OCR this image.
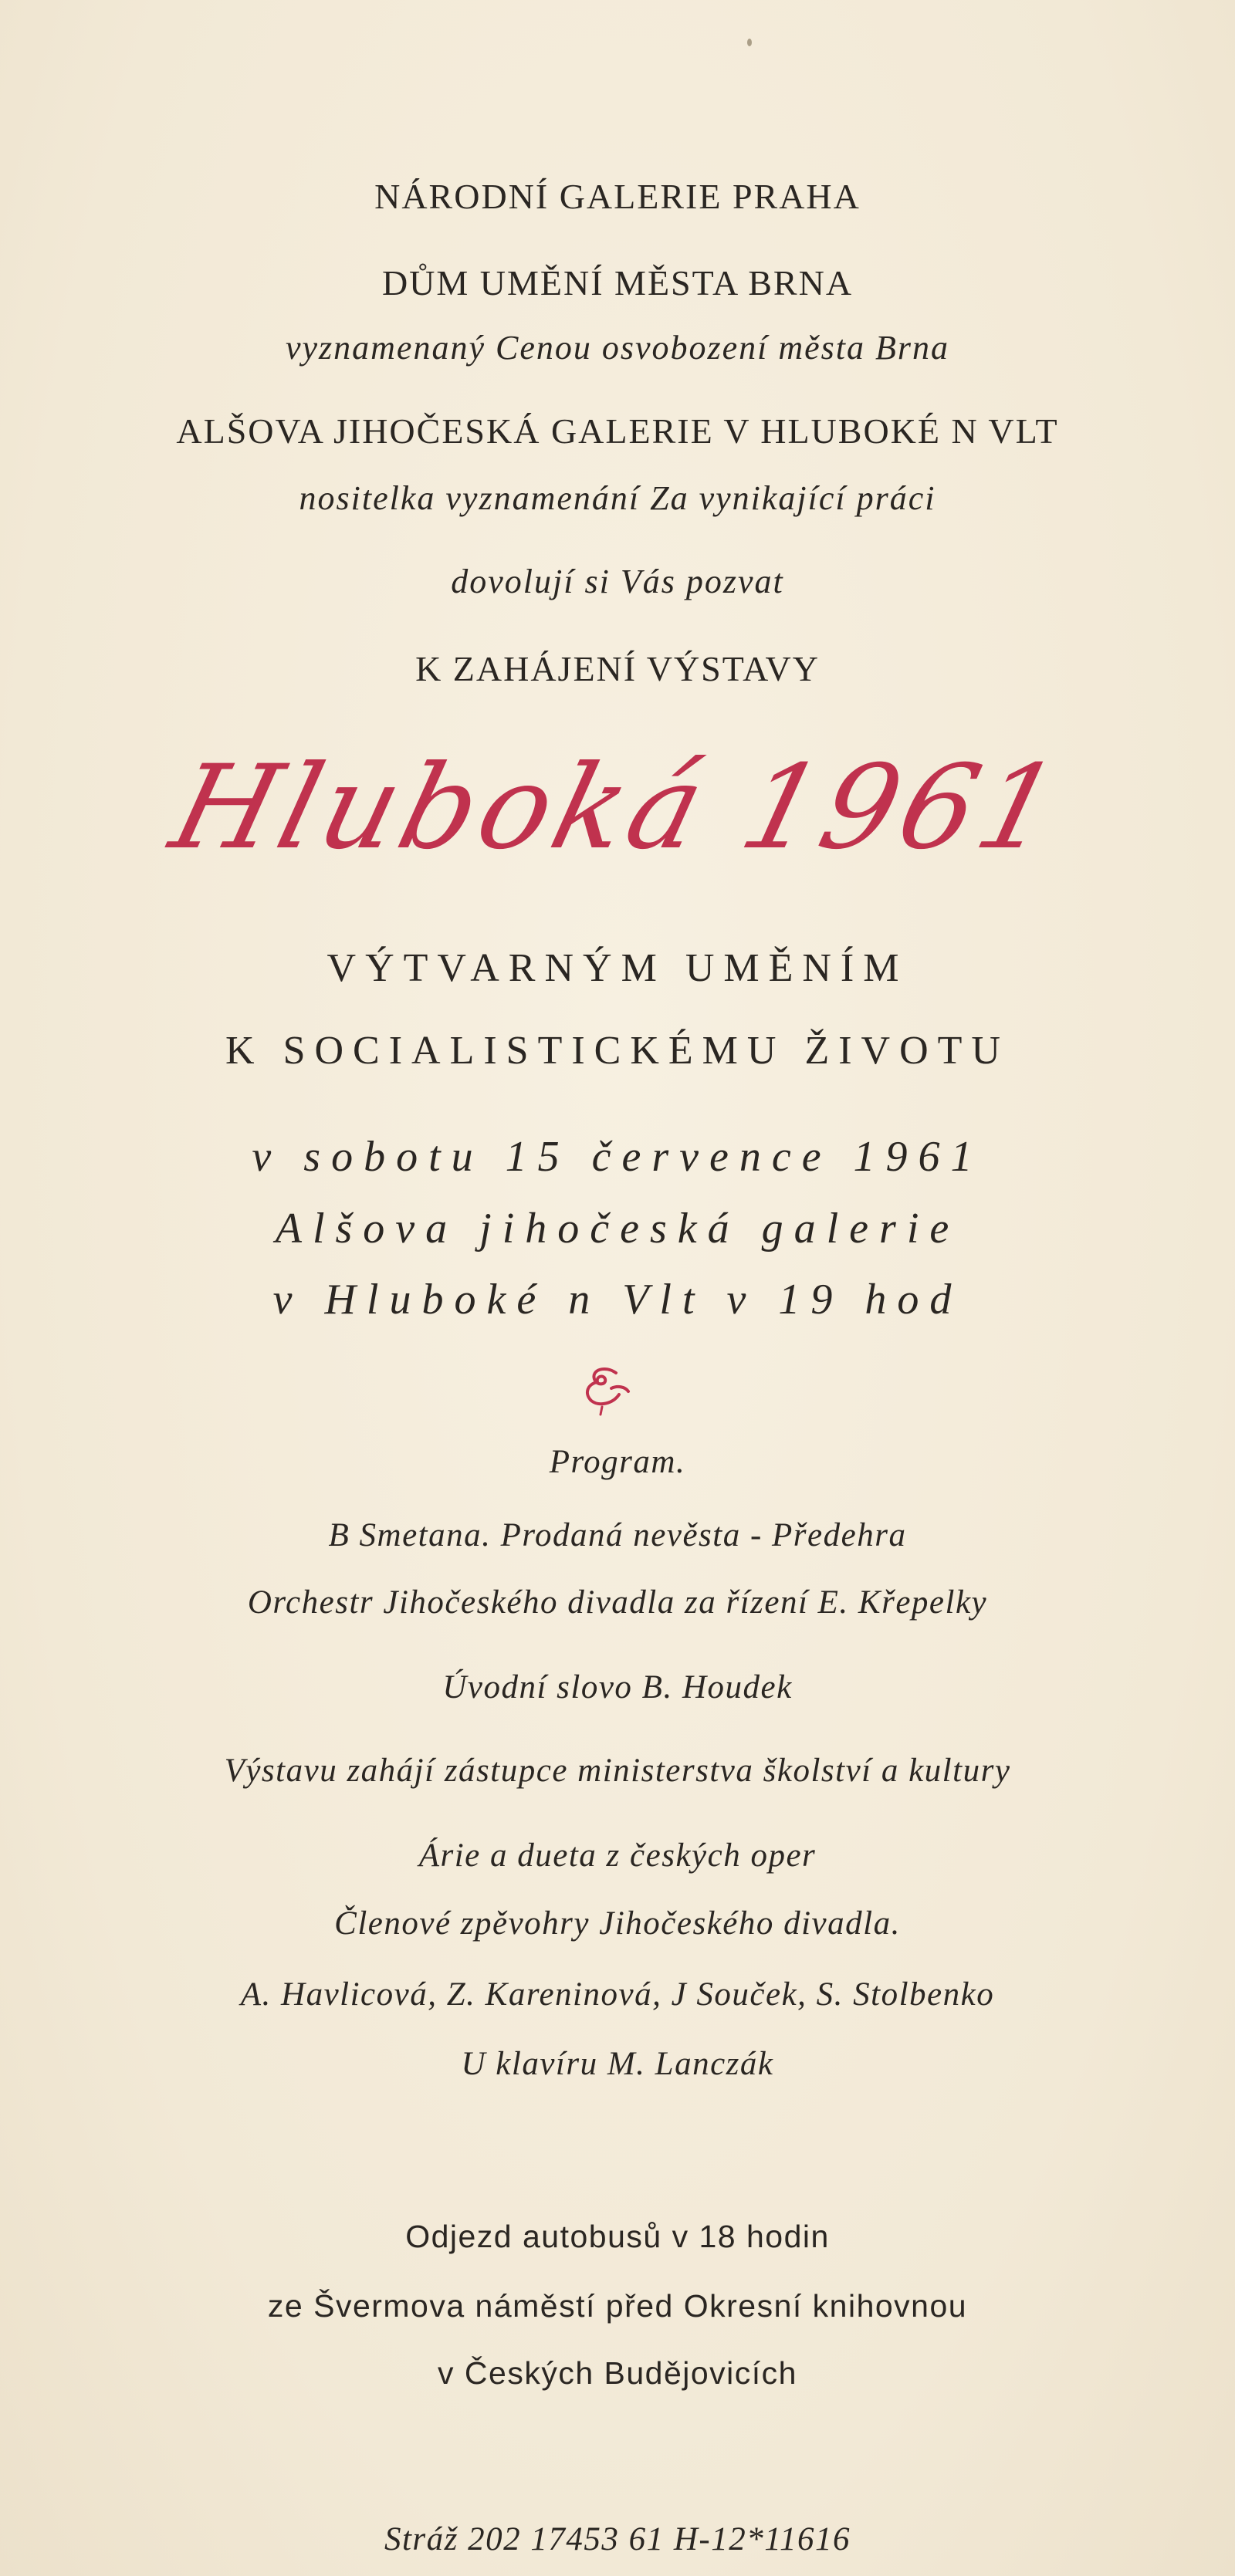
NÁRODNÍ GALERIE PRAHA
DŮM UMĚNÍ MĚSTA BRNA
vyznamenaný Cenou osvobození města Brna
ALŠOVA JIHOČESKÁ GALERIE V HLUBOKÉ N VLT
nositelka vyznamenání Za vynikající práci
dovolují si Vás pozvat
K ZAHÁJENÍ VÝSTAVY
Hluboká 1961
VÝTVARNÝM UMĚNÍM
K SOCIALISTICKÉMU ŽIVOTU
v sobotu 15 července 1961
Alšova jihočeská galerie
v Hluboké n Vlt v 19 hod
Program.
B Smetana. Prodaná nevěsta - Předehra
Orchestr Jihočeského divadla za řízení E. Křepelky
Úvodní slovo B. Houdek
Výstavu zahájí zástupce ministerstva školství a kultury
Árie a dueta z českých oper
Členové zpěvohry Jihočeského divadla.
A. Havlicová, Z. Kareninová, J Souček, S. Stolbenko
U klavíru M. Lanczák
Odjezd autobusů v 18 hodin
ze Švermova náměstí před Okresní knihovnou
v Českých Budějovicích
Stráž 202 17453 61 H-12*11616
